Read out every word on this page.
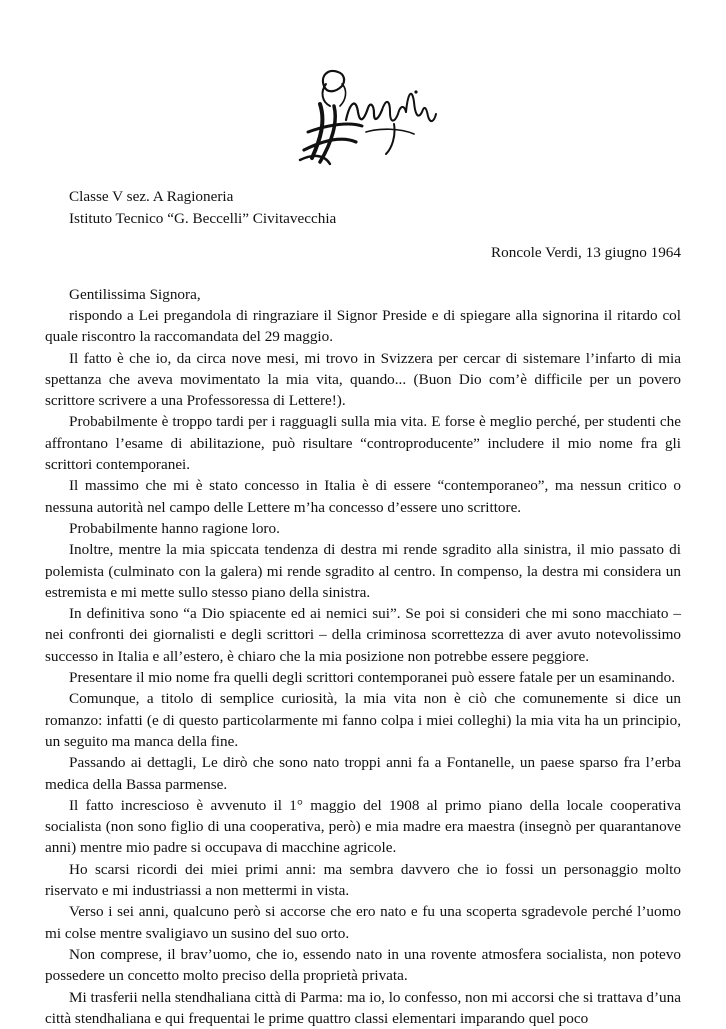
Classe V sez. A Ragioneria
Istituto Tecnico “G. Beccelli” Civitavecchia
Roncole Verdi, 13 giugno 1964
Gentilissima Signora,

rispondo a Lei pregandola di ringraziare il Signor Preside e di spiegare alla signorina il ritardo col quale riscontro la raccomandata del 29 maggio.

Il fatto è che io, da circa nove mesi, mi trovo in Svizzera per cercar di sistemare l’infarto di mia spettanza che aveva movimentato la mia vita, quando... (Buon Dio com’è difficile per un povero scrittore scrivere a una Professoressa di Lettere!).

Probabilmente è troppo tardi per i ragguagli sulla mia vita. E forse è meglio perché, per studenti che affrontano l’esame di abilitazione, può risultare “controproducente” includere il mio nome fra gli scrittori contemporanei.

Il massimo che mi è stato concesso in Italia è di essere “contemporaneo”, ma nessun critico o nessuna autorità nel campo delle Lettere m’ha concesso d’essere uno scrittore.

Probabilmente hanno ragione loro.

Inoltre, mentre la mia spiccata tendenza di destra mi rende sgradito alla sinistra, il mio passato di polemista (culminato con la galera) mi rende sgradito al centro. In compenso, la destra mi considera un estremista e mi mette sullo stesso piano della sinistra.

In definitiva sono “a Dio spiacente ed ai nemici sui”. Se poi si consideri che mi sono macchiato – nei confronti dei giornalisti e degli scrittori – della criminosa scorrettezza di aver avuto notevolissimo successo in Italia e all’estero, è chiaro che la mia posizione non potrebbe essere peggiore.

Presentare il mio nome fra quelli degli scrittori contemporanei può essere fatale per un esaminando.

Comunque, a titolo di semplice curiosità, la mia vita non è ciò che comunemente si dice un romanzo: infatti (e di questo particolarmente mi fanno colpa i miei colleghi) la mia vita ha un principio, un seguito ma manca della fine.

Passando ai dettagli, Le dirò che sono nato troppi anni fa a Fontanelle, un paese sparso fra l’erba medica della Bassa parmense.

Il fatto increscioso è avvenuto il 1° maggio del 1908 al primo piano della locale cooperativa socialista (non sono figlio di una cooperativa, però) e mia madre era maestra (insegnò per quarantanove anni) mentre mio padre si occupava di macchine agricole.

Ho scarsi ricordi dei miei primi anni: ma sembra davvero che io fossi un personaggio molto riservato e mi industriassi a non mettermi in vista.

Verso i sei anni, qualcuno però si accorse che ero nato e fu una scoperta sgradevole perché l’uomo mi colse mentre svaligiavo un susino del suo orto.

Non comprese, il brav’uomo, che io, essendo nato in una rovente atmosfera socialista, non potevo possedere un concetto molto preciso della proprietà privata.

Mi trasferii nella stendhaliana città di Parma: ma io, lo confesso, non mi accorsi che si trattava d’una città stendhaliana e qui frequentai le prime quattro classi elementari imparando quel poco
